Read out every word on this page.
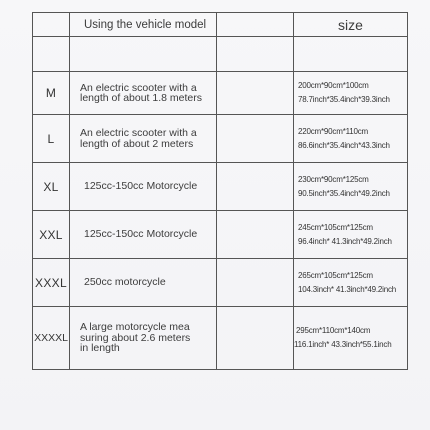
	Using the vehicle model		size

M	An electric scooter with a
length of about 1.8 meters		200cm*90cm*100cm
78.7inch*35.4inch*39.3inch

L	An electric scooter with a
length of about 2 meters		220cm*90cm*110cm
86.6inch*35.4inch*43.3inch

XL	125cc-150cc Motorcycle		230cm*90cm*125cm
90.5inch*35.4inch*49.2inch

XXL	125cc-150cc Motorcycle		245cm*105cm*125cm
96.4inch* 41.3inch*49.2inch

XXXL	250cc motorcycle		265cm*105cm*125cm
104.3inch* 41.3inch*49.2inch

XXXXL	A large motorcycle mea
suring about 2.6 meters
in length		295cm*110cm*140cm
116.1inch* 43.3inch*55.1inch
